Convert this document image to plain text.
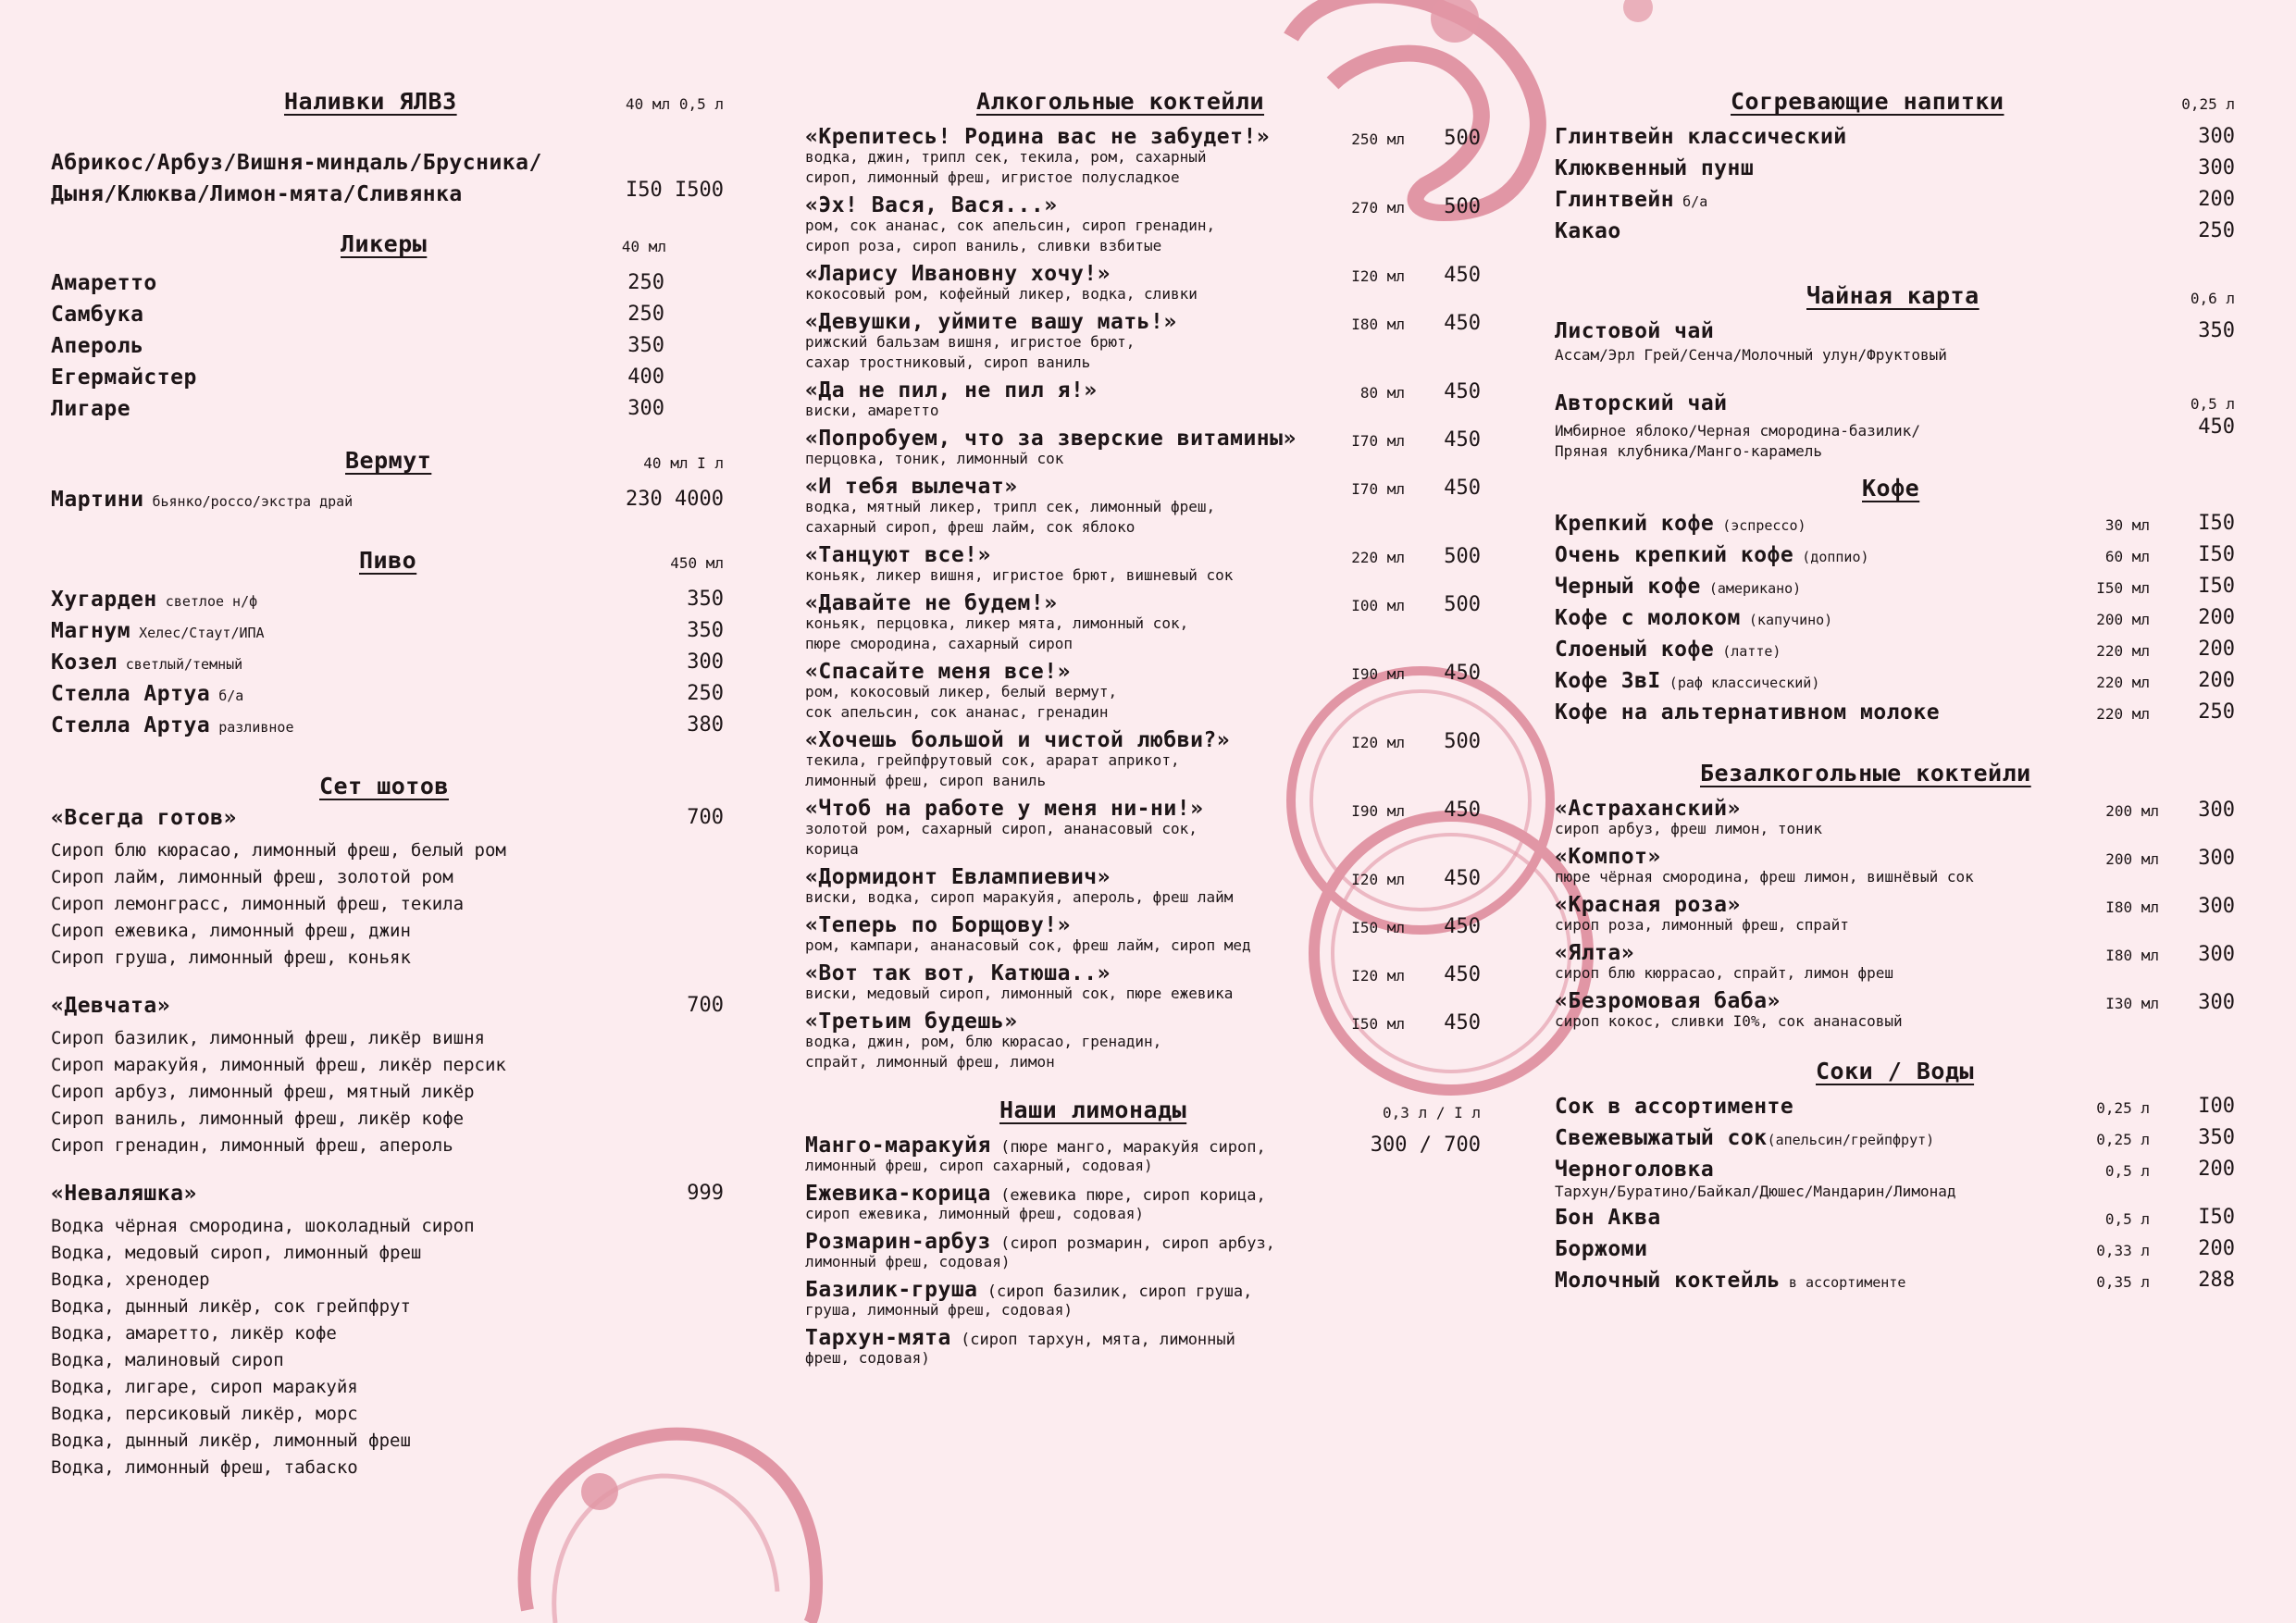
Наливки ЯЛВЗ	40 мл 0,5 л
Абрикос/Арбуз/Вишня-миндаль/Брусника/
Дыня/Клюква/Лимон-мята/Сливянка	I50 I500
Ликеры	40 мл
Амаретто	250
Самбука	250
Апероль	350
Егермайстер	400
Лигаре	300
Вермут	40 мл I л
Мартини бьянко/россо/экстра драй	230 4000
Пиво	450 мл
Хугарден светлое н/ф	350
Магнум Хелес/Стаут/ИПА	350
Козел светлый/темный	300
Стелла Артуа б/а	250
Стелла Артуа разливное	380
Сет шотов
«Всегда готов»	700
Сироп блю кюрасао, лимонный фреш, белый ром
Сироп лайм, лимонный фреш, золотой ром
Сироп лемонграсс, лимонный фреш, текила
Сироп ежевика, лимонный фреш, джин
Сироп груша, лимонный фреш, коньяк
«Девчата»	700
Сироп базилик, лимонный фреш, ликёр вишня
Сироп маракуйя, лимонный фреш, ликёр персик
Сироп арбуз, лимонный фреш, мятный ликёр
Сироп ваниль, лимонный фреш, ликёр кофе
Сироп гренадин, лимонный фреш, апероль
«Неваляшка»	999
Водка чёрная смородина, шоколадный сироп
Водка, медовый сироп, лимонный фреш
Водка, хренодер
Водка, дынный ликёр, сок грейпфрут
Водка, амаретто, ликёр кофе
Водка, малиновый сироп
Водка, лигаре, сироп маракуйя
Водка, персиковый ликёр, морс
Водка, дынный ликёр, лимонный фреш
Водка, лимонный фреш, табаско
Алкогольные коктейли
«Крепитесь! Родина вас не забудет!»	250 мл 500
водка, джин, трипл сек, текила, ром, сахарный
сироп, лимонный фреш, игристое полусладкое
«Эх! Вася, Вася...»	270 мл 500
ром, сок ананас, сок апельсин, сироп гренадин,
сироп роза, сироп ваниль, сливки взбитые
«Ларису Ивановну хочу!»	I20 мл 450
кокосовый ром, кофейный ликер, водка, сливки
«Девушки, уймите вашу мать!»	I80 мл 450
рижский бальзам вишня, игристое брют,
сахар тростниковый, сироп ваниль
«Да не пил, не пил я!»	80 мл 450
виски, амаретто
«Попробуем, что за зверские витамины»	I70 мл 450
перцовка, тоник, лимонный сок
«И тебя вылечат»	I70 мл 450
водка, мятный ликер, трипл сек, лимонный фреш,
сахарный сироп, фреш лайм, сок яблоко
«Танцуют все!»	220 мл 500
коньяк, ликер вишня, игристое брют, вишневый сок
«Давайте не будем!»	I00 мл 500
коньяк, перцовка, ликер мята, лимонный сок,
пюре смородина, сахарный сироп
«Спасайте меня все!»	I90 мл 450
ром, кокосовый ликер, белый вермут,
сок апельсин, сок ананас, гренадин
«Хочешь большой и чистой любви?»	I20 мл 500
текила, грейпфрутовый сок, арарат априкот,
лимонный фреш, сироп ваниль
«Чтоб на работе у меня ни-ни!»	I90 мл 450
золотой ром, сахарный сироп, ананасовый сок,
корица
«Дормидонт Евлампиевич»	I20 мл 450
виски, водка, сироп маракуйя, апероль, фреш лайм
«Теперь по Борщову!»	I50 мл 450
ром, кампари, ананасовый сок, фреш лайм, сироп мед
«Вот так вот, Катюша..»	I20 мл 450
виски, медовый сироп, лимонный сок, пюре ежевика
«Третьим будешь»	I50 мл 450
водка, джин, ром, блю кюрасао, гренадин,
спрайт, лимонный фреш, лимон
Наши лимонады	0,3 л / I л
300 / 700
Манго-маракуйя (пюре манго, маракуйя сироп,
лимонный фреш, сироп сахарный, содовая)
Ежевика-корица (ежевика пюре, сироп корица,
сироп ежевика, лимонный фреш, содовая)
Розмарин-арбуз (сироп розмарин, сироп арбуз,
лимонный фреш, содовая)
Базилик-груша (сироп базилик, сироп груша,
груша, лимонный фреш, содовая)
Тархун-мята (сироп тархун, мята, лимонный
фреш, содовая)
Согревающие напитки	0,25 л
Глинтвейн классический	300
Клюквенный пунш	300
Глинтвейн б/а	200
Какао	250
Чайная карта	0,6 л
Листовой чай	350
Ассам/Эрл Грей/Сенча/Молочный улун/Фруктовый
Авторский чай	0,5 л
Имбирное яблоко/Черная смородина-базилик/
Пряная клубника/Манго-карамель
450
Кофе
Крепкий кофе (эспрессо)	30 мл I50
Очень крепкий кофе (доппио)	60 мл I50
Черный кофе (американо)	I50 мл I50
Кофе с молоком (капучино)	200 мл 200
Слоеный кофе (латте)	220 мл 200
Кофе 3вI (раф классический)	220 мл 200
Кофе на альтернативном молоке	220 мл 250
Безалкогольные коктейли
«Астраханский»	200 мл 300
сироп арбуз, фреш лимон, тоник
«Компот»	200 мл 300
пюре чёрная смородина, фреш лимон, вишнёвый сок
«Красная роза»	I80 мл 300
сироп роза, лимонный фреш, спрайт
«Ялта»	I80 мл 300
сироп блю кюррасао, спрайт, лимон фреш
«Безромовая баба»	I30 мл 300
сироп кокос, сливки I0%, сок ананасовый
Соки / Воды
Сок в ассортименте	0,25 л I00
Свежевыжатый сок(апельсин/грейпфрут)	0,25 л 350
Черноголовка	0,5 л 200
Тархун/Буратино/Байкал/Дюшес/Мандарин/Лимонад
Бон Аква	0,5 л I50
Боржоми	0,33 л 200
Молочный коктейль в ассортименте	0,35 л 288
